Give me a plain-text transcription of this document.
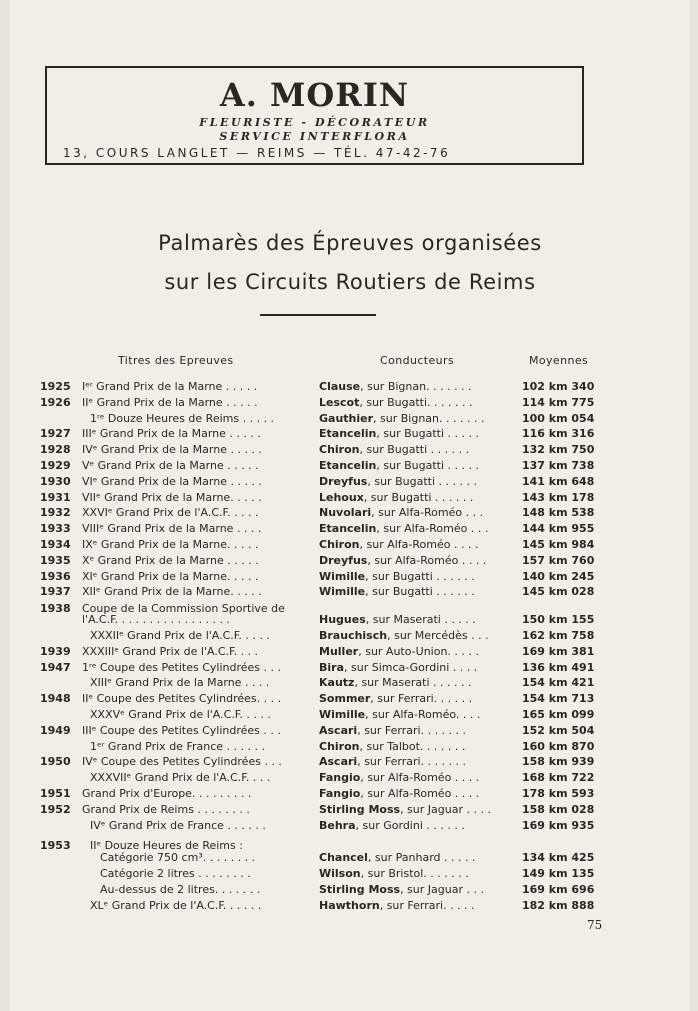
A. MORIN
FLEURISTE - DÉCORATEUR
SERVICE INTERFLORA
13, COURS LANGLET — REIMS — TÉL. 47-42-76
Palmarès des Épreuves organisées
sur les Circuits Routiers de Reims
Titres des Epreuves	Conducteurs	Moyennes
1925	Iᵉʳ Grand Prix de la Marne . . . . .	Clause, sur Bignan. . . . . . .	102 km 340
1926	IIᵉ Grand Prix de la Marne . . . . .	Lescot, sur Bugatti. . . . . . .	114 km 775
1ʳᵉ Douze Heures de Reims . . . . .	Gauthier, sur Bignan. . . . . . .	100 km 054
1927	IIIᵉ Grand Prix de la Marne . . . . .	Etancelin, sur Bugatti . . . . .	116 km 316
1928	IVᵉ Grand Prix de la Marne . . . . .	Chiron, sur Bugatti . . . . . .	132 km 750
1929	Vᵉ Grand Prix de la Marne . . . . .	Etancelin, sur Bugatti . . . . .	137 km 738
1930	VIᵉ Grand Prix de la Marne . . . . .	Dreyfus, sur Bugatti . . . . . .	141 km 648
1931	VIIᵉ Grand Prix de la Marne. . . . .	Lehoux, sur Bugatti . . . . . .	143 km 178
1932	XXVIᵉ Grand Prix de l'A.C.F. . . . .	Nuvolari, sur Alfa-Roméo . . .	148 km 538
1933	VIIIᵉ Grand Prix de la Marne . . . .	Etancelin, sur Alfa-Roméo . . .	144 km 955
1934	IXᵉ Grand Prix de la Marne. . . . .	Chiron, sur Alfa-Roméo . . . .	145 km 984
1935	Xᵉ Grand Prix de la Marne . . . . .	Dreyfus, sur Alfa-Roméo . . . .	157 km 760
1936	XIᵉ Grand Prix de la Marne. . . . .	Wimille, sur Bugatti . . . . . .	140 km 245
1937	XIIᵉ Grand Prix de la Marne. . . . .	Wimille, sur Bugatti . . . . . .	145 km 028
1938	Coupe de la Commission Sportive de
l'A.C.F. . . . . . . . . . . . . . . . .	Hugues, sur Maserati . . . . .	150 km 155
XXXIIᵉ Grand Prix de l'A.C.F. . . . .	Brauchisch, sur Mercédès . . .	162 km 758
1939	XXXIIIᵉ Grand Prix de l'A.C.F. . . .	Muller, sur Auto-Union. . . . .	169 km 381
1947	1ʳᵉ Coupe des Petites Cylindrées . . .	Bira, sur Simca-Gordini . . . .	136 km 491
XIIIᵉ Grand Prix de la Marne . . . .	Kautz, sur Maserati . . . . . .	154 km 421
1948	IIᵉ Coupe des Petites Cylindrées. . . .	Sommer, sur Ferrari. . . . . .	154 km 713
XXXVᵉ Grand Prix de l'A.C.F. . . . .	Wimille, sur Alfa-Roméo. . . .	165 km 099
1949	IIIᵉ Coupe des Petites Cylindrées . . .	Ascari, sur Ferrari. . . . . . .	152 km 504
1ᵉʳ Grand Prix de France . . . . . .	Chiron, sur Talbot. . . . . . .	160 km 870
1950	IVᵉ Coupe des Petites Cylindrées . . .	Ascari, sur Ferrari. . . . . . .	158 km 939
XXXVIIᵉ Grand Prix de l'A.C.F. . . .	Fangio, sur Alfa-Roméo . . . .	168 km 722
1951	Grand Prix d'Europe. . . . . . . . .	Fangio, sur Alfa-Roméo . . . .	178 km 593
1952	Grand Prix de Reims . . . . . . . .	Stirling Moss, sur Jaguar . . . .	158 km 028
IVᵉ Grand Prix de France . . . . . .	Behra, sur Gordini . . . . . .	169 km 935
1953	IIᵉ Douze Heures de Reims :
Catégorie 750 cm³. . . . . . . .	Chancel, sur Panhard . . . . .	134 km 425
Catégorie 2 litres . . . . . . . .	Wilson, sur Bristol. . . . . . .	149 km 135
Au-dessus de 2 litres. . . . . . .	Stirling Moss, sur Jaguar . . .	169 km 696
XLᵉ Grand Prix de l'A.C.F. . . . . .	Hawthorn, sur Ferrari. . . . .	182 km 888
75
